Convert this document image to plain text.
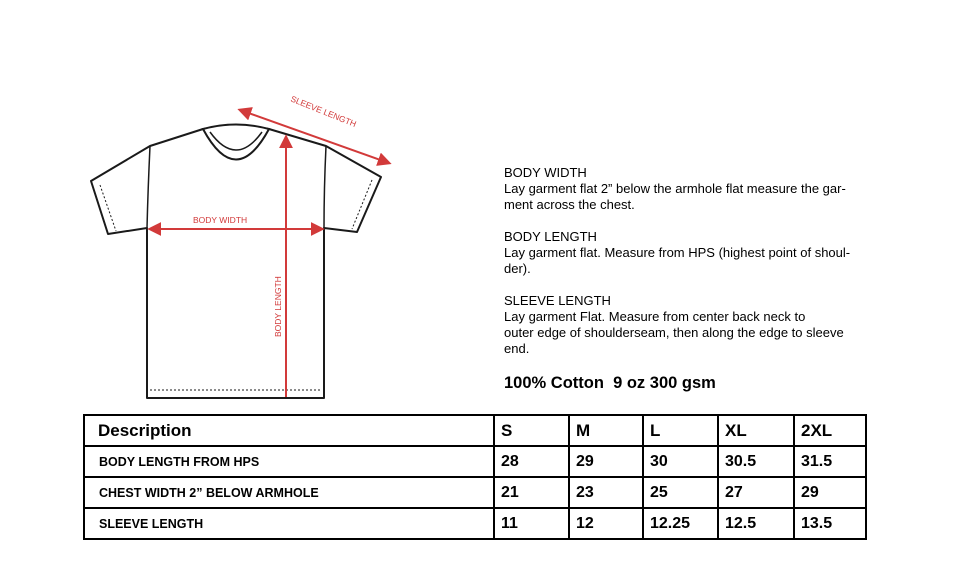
SLEEVE LENGTH
BODY WIDTH
BODY LENGTH
BODY WIDTH
Lay garment flat 2” below the armhole flat measure the gar-
ment across the chest.
BODY LENGTH
Lay garment flat. Measure from HPS (highest point of shoul-
der).
SLEEVE LENGTH
Lay garment Flat. Measure from center back neck to
outer edge of shoulderseam, then along the edge to sleeve
end.
100% Cotton  9 oz 300 gsm
Description	S	M	L	XL	2XL
BODY LENGTH FROM HPS	28	29	30	30.5	31.5
CHEST WIDTH 2” BELOW ARMHOLE	21	23	25	27	29
SLEEVE LENGTH	11	12	12.25	12.5	13.5
